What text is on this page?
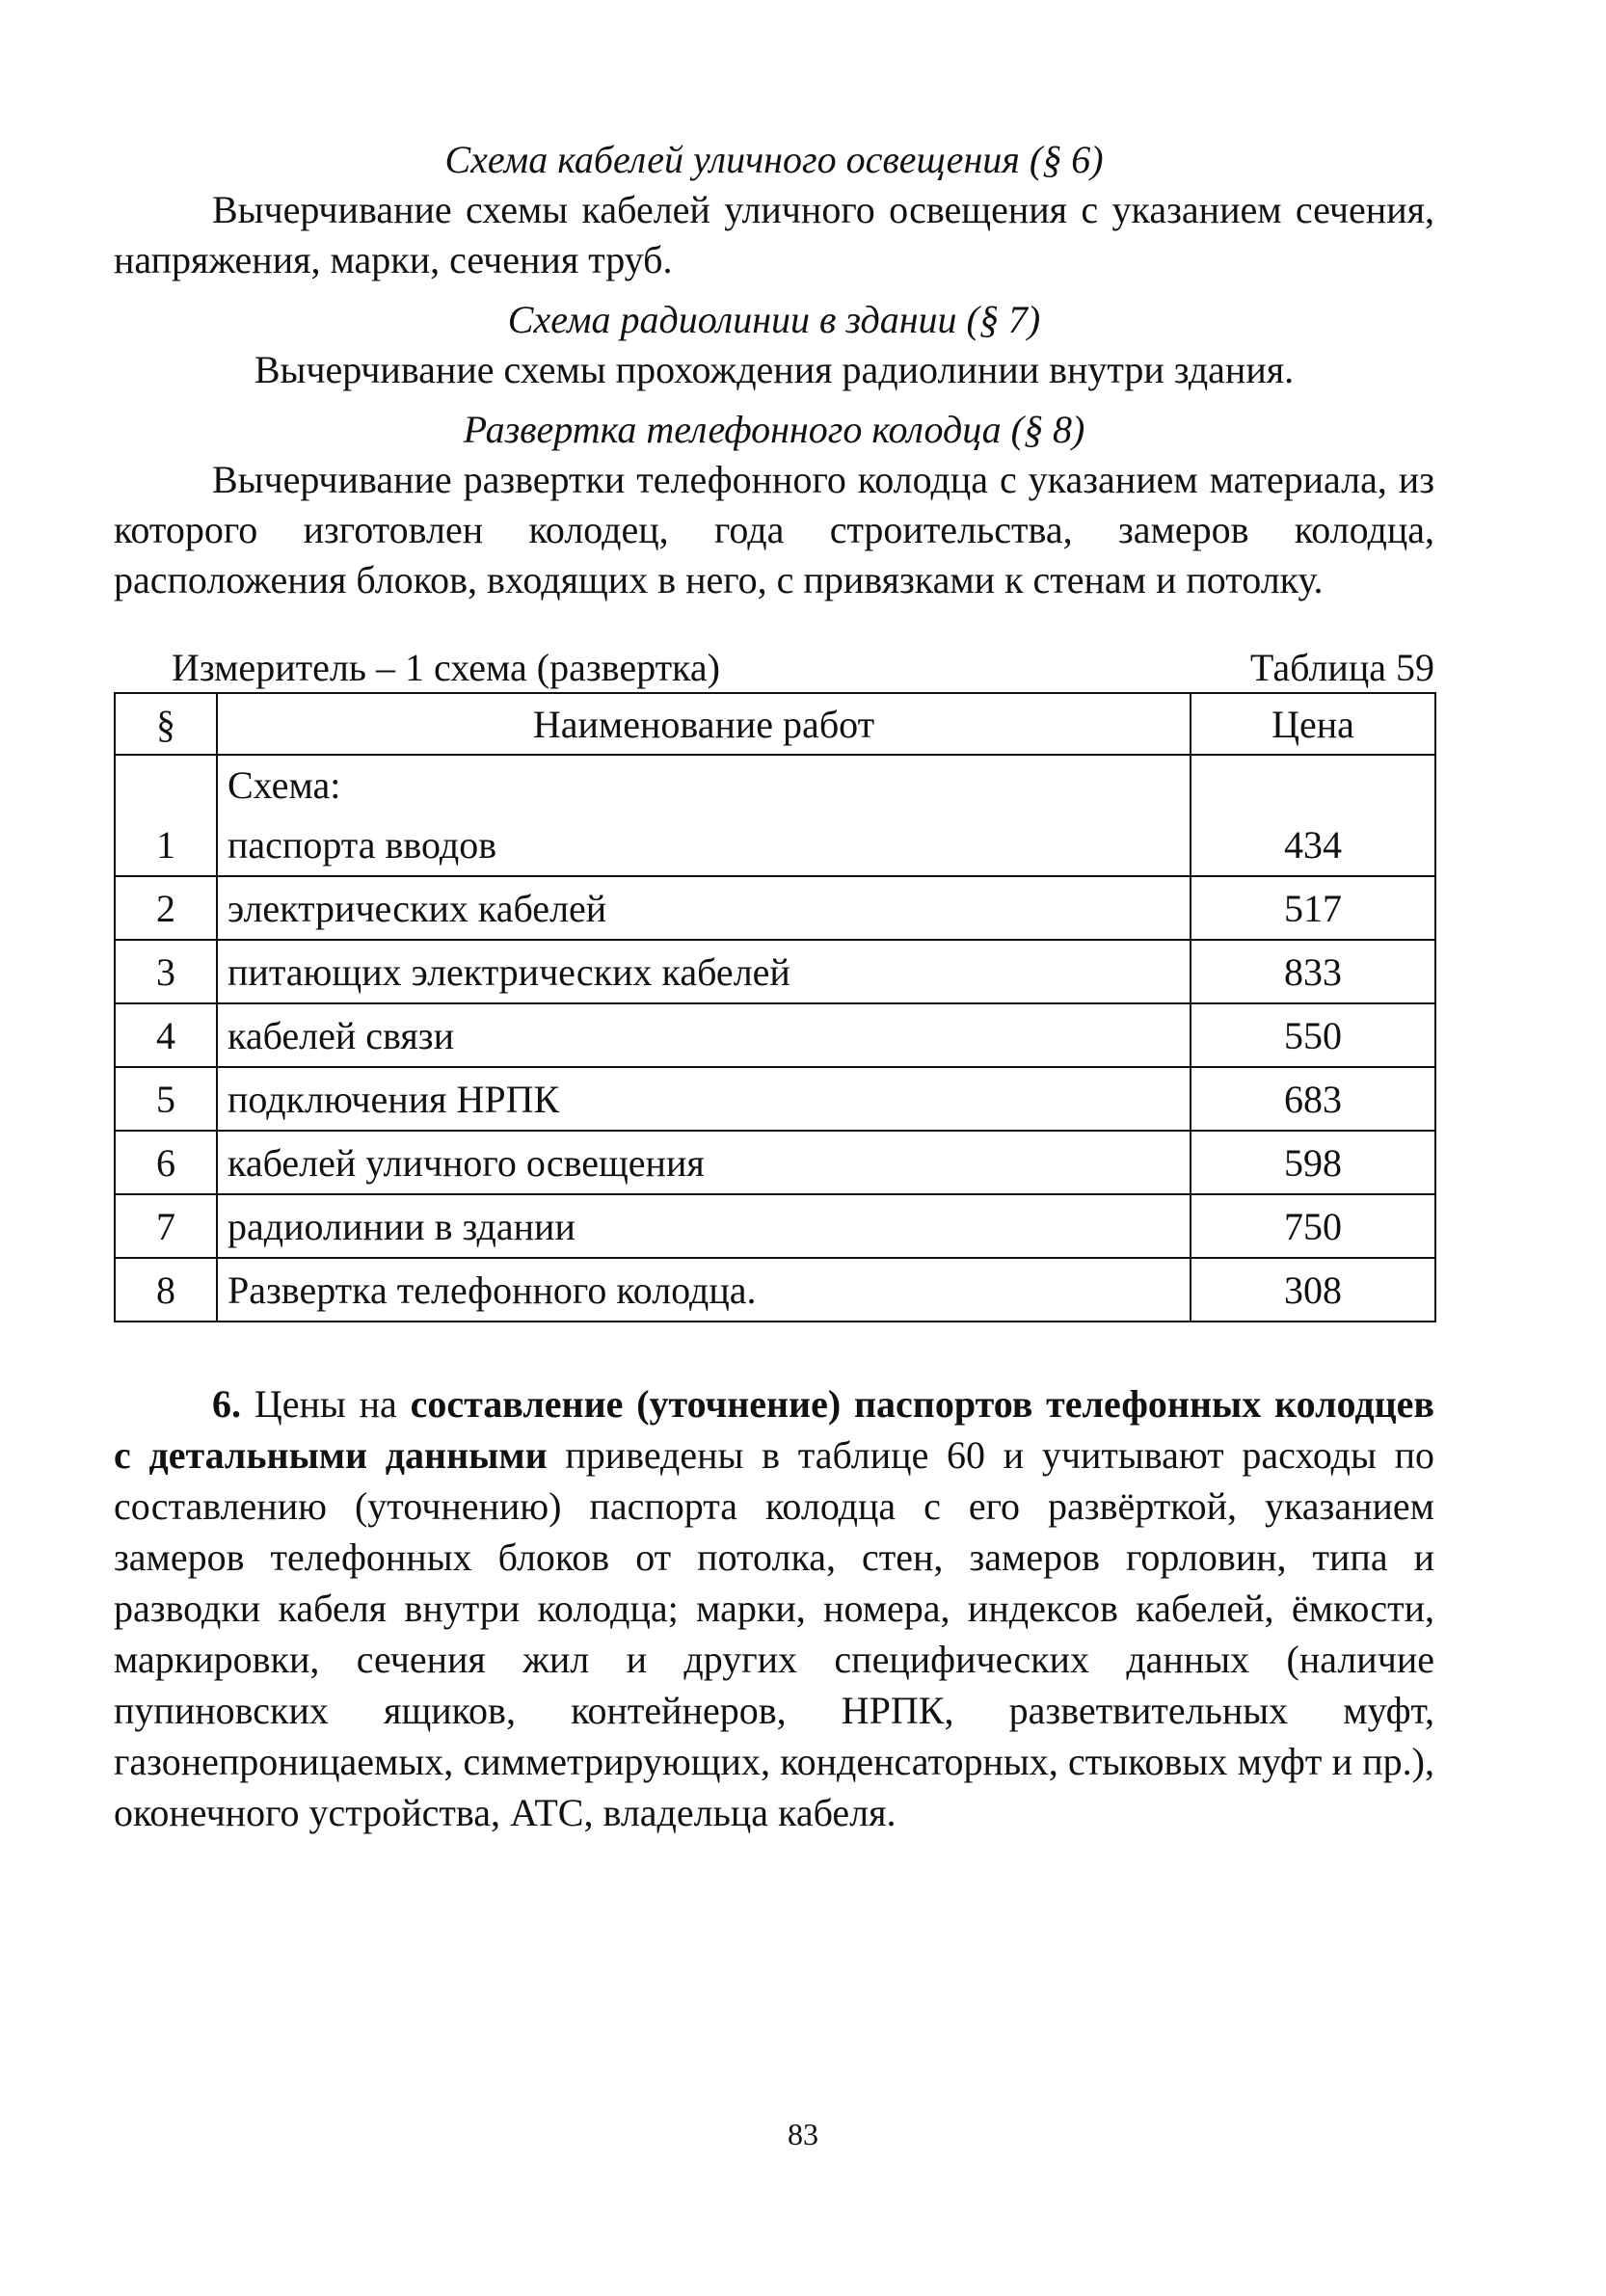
Схема кабелей уличного освещения (§ 6)

Вычерчивание схемы кабелей уличного освещения с указанием сечения, напряжения, марки, сечения труб.

Схема радиолинии в здании (§ 7)

Вычерчивание схемы прохождения радиолинии внутри здания.

Развертка телефонного колодца (§ 8)

Вычерчивание развертки телефонного колодца с указанием материала, из которого изготовлен колодец, года строительства, замеров колодца, расположения блоков, входящих в него, с привязками к стенам и потолку.

Измеритель – 1 схема (развертка)	Таблица 59
§	Наименование работ	Цена
	Схема:	
1	паспорта вводов	434
2	электрических кабелей	517
3	питающих электрических кабелей	833
4	кабелей связи	550
5	подключения НРПК	683
6	кабелей уличного освещения	598
7	радиолинии в здании	750
8	Развертка телефонного колодца.	308

6. Цены на составление (уточнение) паспортов телефонных колодцев с детальными данными приведены в таблице 60 и учитывают расходы по составлению (уточнению) паспорта колодца с его развёрткой, указанием замеров телефонных блоков от потолка, стен, замеров горловин, типа и разводки кабеля внутри колодца; марки, номера, индексов кабелей, ёмкости, маркировки, сечения жил и других специфических данных (наличие пупиновских ящиков, контейнеров, НРПК, разветвительных муфт, газонепроницаемых, симметрирующих, конденсаторных, стыковых муфт и пр.), оконечного устройства, АТС, владельца кабеля.

83
